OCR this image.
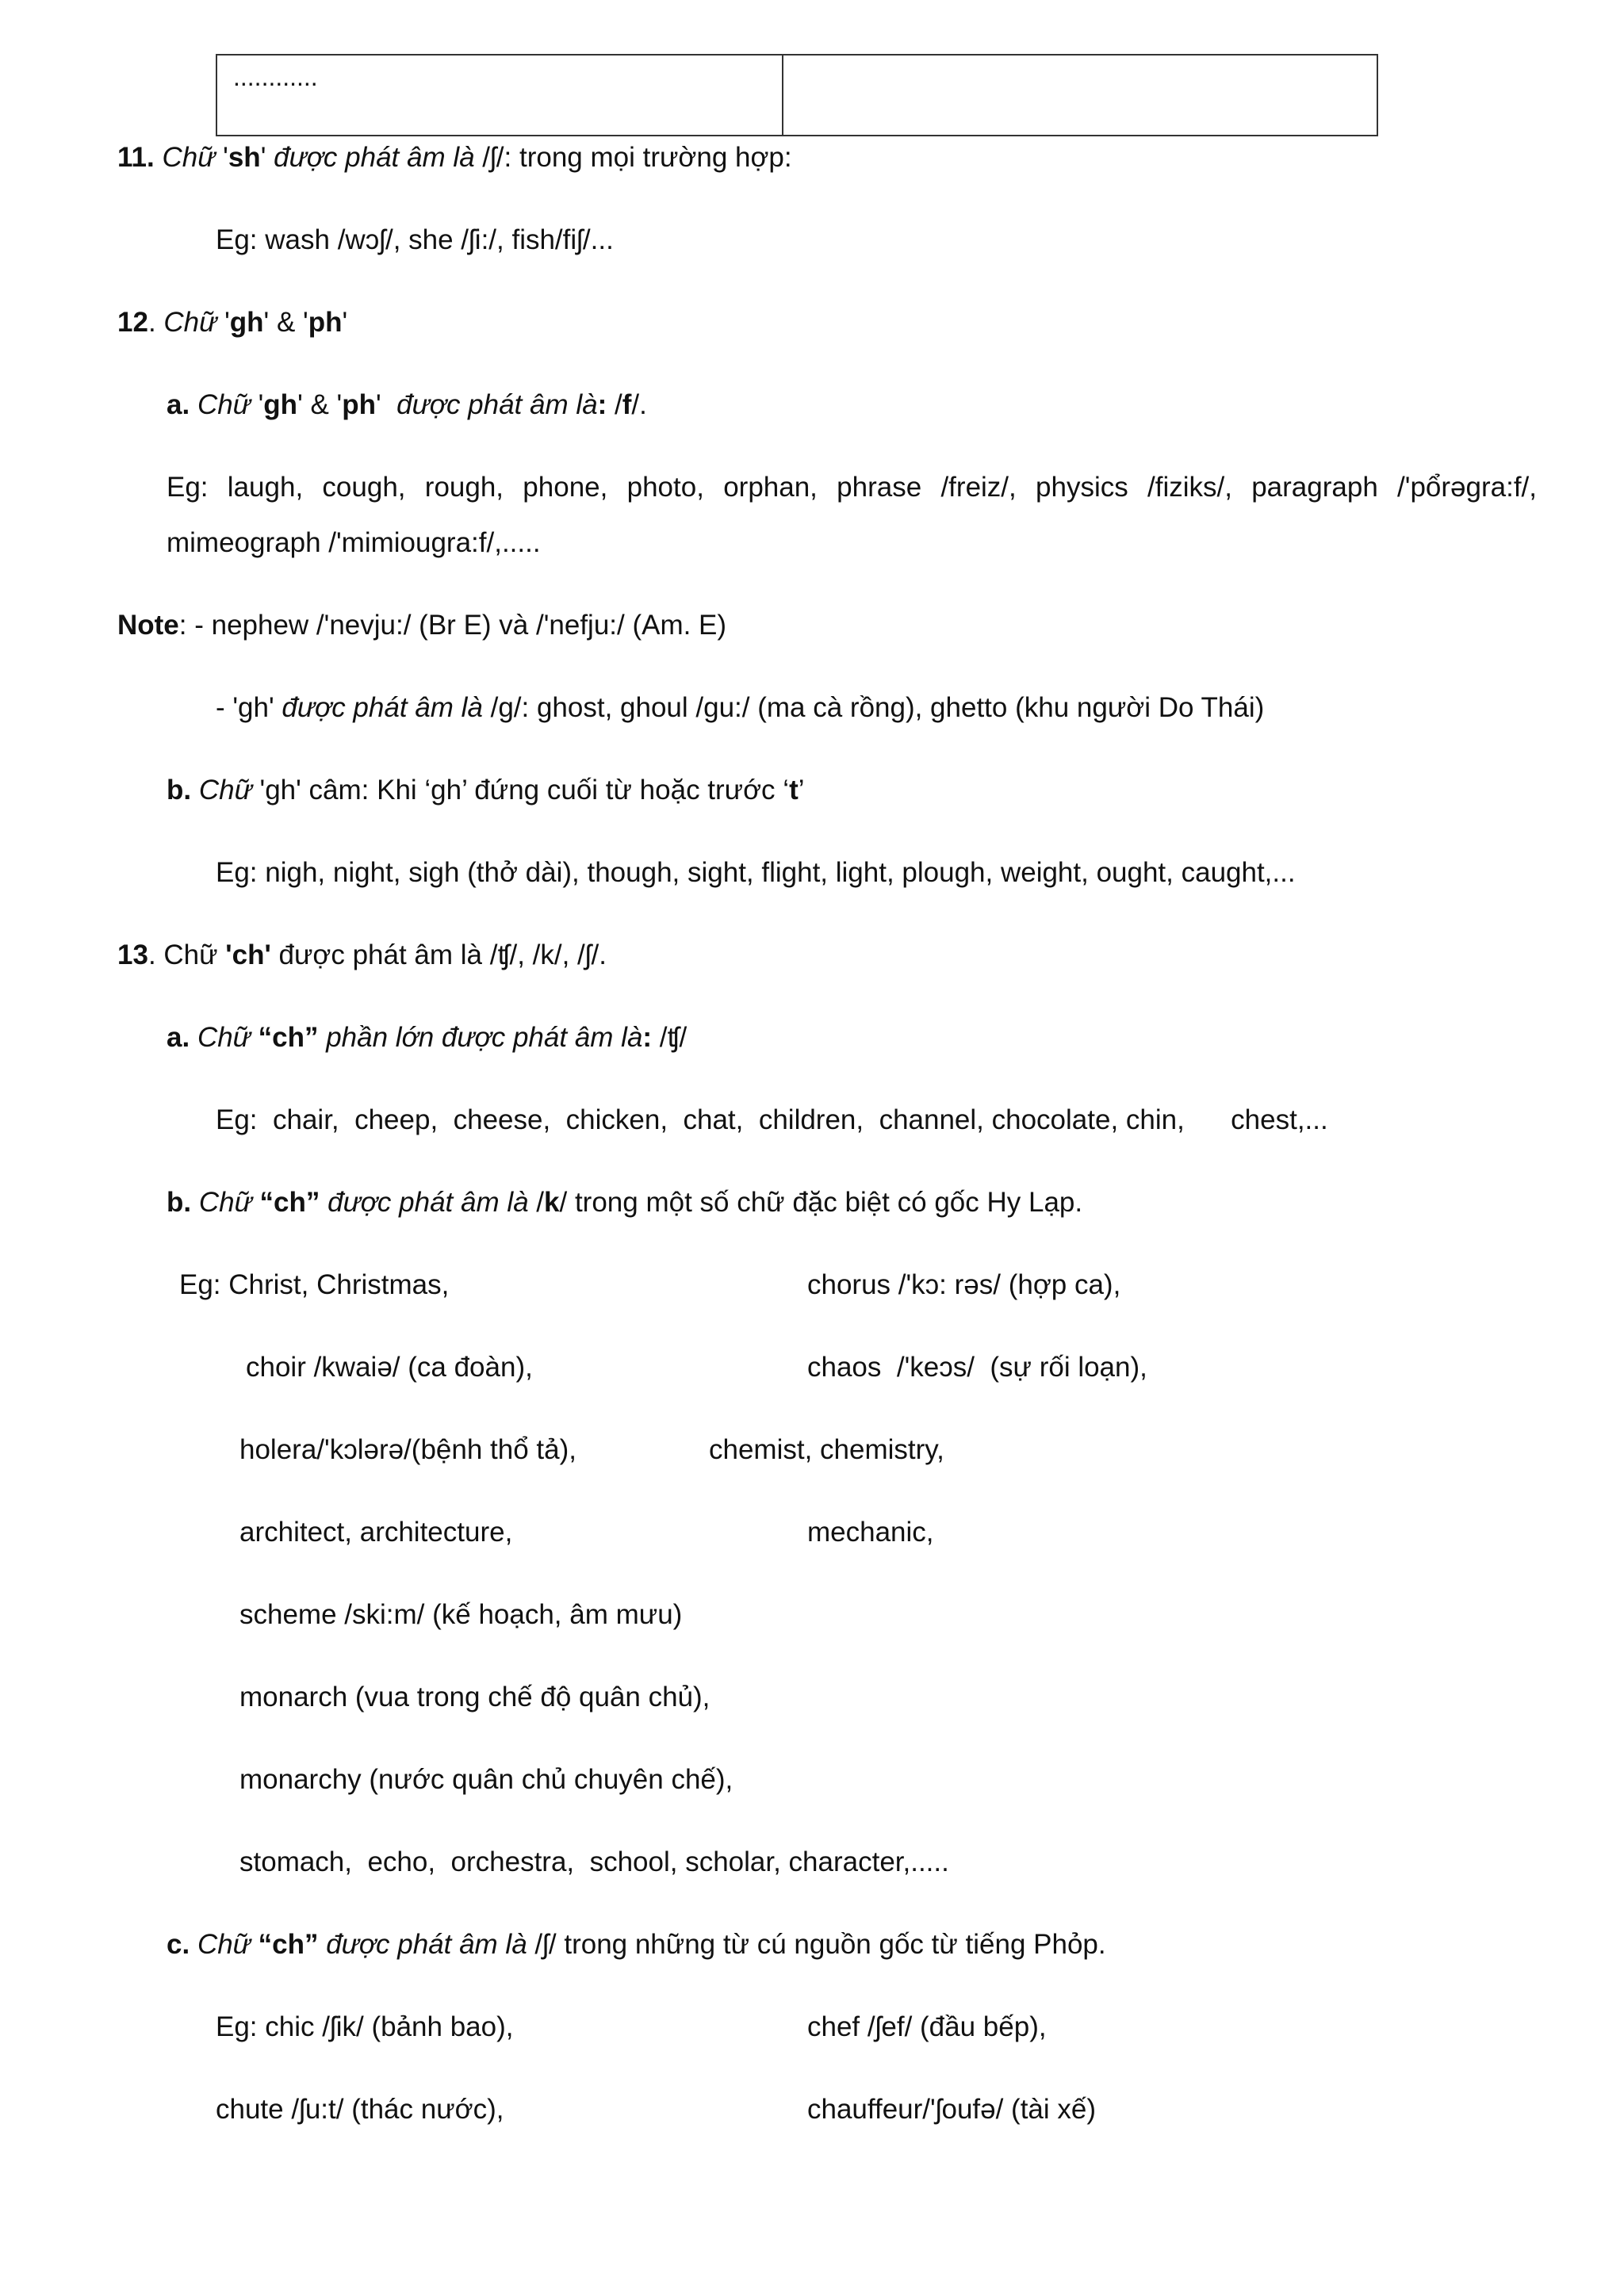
............
11. Chữ 'sh' được phát âm là /ʃ/: trong mọi trường hợp:
Eg: wash /wɔʃ/, she /ʃi:/, fish/fiʃ/...
12. Chữ 'gh' & 'ph'
a. Chữ 'gh' & 'ph' được phát âm là: /f/.
Eg: laugh, cough, rough, phone, photo, orphan, phrase /freiz/, physics /fiziks/, paragraph /'pổrəgra:f/,
mimeograph /'mimiougra:f/,.....
Note: - nephew /'nevju:/ (Br E) và /'nefju:/ (Am. E)
- 'gh' được phát âm là /g/: ghost, ghoul /gu:/ (ma cà rồng), ghetto (khu người Do Thái)
b. Chữ 'gh' câm: Khi ‘gh’ đứng cuối từ hoặc trước ‘t’
Eg: nigh, night, sigh (thở dài), though, sight, flight, light, plough, weight, ought, caught,...
13. Chữ 'ch' được phát âm là /ʧ/, /k/, /ʃ/.
a. Chữ “ch” phần lớn được phát âm là: /ʧ/
Eg:  chair,  cheep,  cheese,  chicken,  chat,  children,  channel, chocolate, chin,      chest,...
b. Chữ “ch” được phát âm là /k/ trong một số chữ đặc biệt có gốc Hy Lạp.
Eg: Christ, Christmas,	chorus /'kɔ: rəs/ (hợp ca),
choir /kwaiə/ (ca đoàn),	chaos  /'keɔs/  (sự rối loạn),
holera/'kɔlərə/(bệnh thổ tả),	chemist, chemistry,
architect, architecture,	mechanic,
scheme /ski:m/ (kế hoạch, âm mưu)
monarch (vua trong chế độ quân chủ),
monarchy (nước quân chủ chuyên chế),
stomach,  echo,  orchestra,  school, scholar, character,.....
c. Chữ “ch” được phát âm là /ʃ/ trong những từ cú nguồn gốc từ tiếng Phỏp.
Eg: chic /ʃik/ (bảnh bao),	chef /ʃef/ (đầu bếp),
chute /ʃu:t/ (thác nước),	chauffeur/'ʃoufə/ (tài xế)
